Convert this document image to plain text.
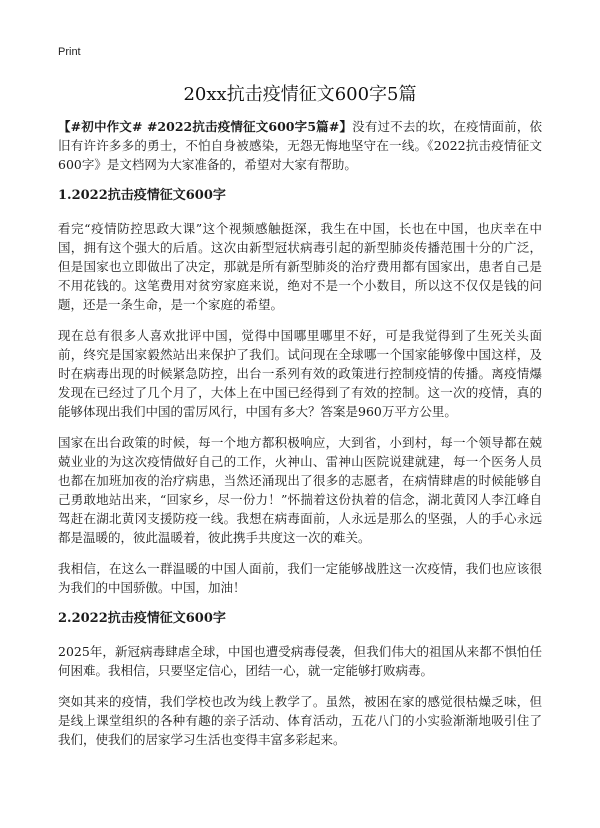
Print
20xx抗击疫情征文600字5篇

【#初中作文# #2022抗击疫情征文600字5篇#】没有过不去的坎，在疫情面前，依旧有许许多多的勇士，不怕自身被感染，无怨无悔地坚守在一线。《2022抗击疫情征文600字》是文档网为大家准备的，希望对大家有帮助。

1.2022抗击疫情征文600字

看完“疫情防控思政大课”这个视频感触挺深，我生在中国，长也在中国，也庆幸在中国，拥有这个强大的后盾。这次由新型冠状病毒引起的新型肺炎传播范围十分的广泛，但是国家也立即做出了决定，那就是所有新型肺炎的治疗费用都有国家出，患者自己是不用花钱的。这笔费用对贫穷家庭来说，绝对不是一个小数目，所以这不仅仅是钱的问题，还是一条生命，是一个家庭的希望。

现在总有很多人喜欢批评中国，觉得中国哪里哪里不好，可是我觉得到了生死关头面前，终究是国家毅然站出来保护了我们。试问现在全球哪一个国家能够像中国这样，及时在病毒出现的时候紧急防控，出台一系列有效的政策进行控制疫情的传播。离疫情爆发现在已经过了几个月了，大体上在中国已经得到了有效的控制。这一次的疫情，真的能够体现出我们中国的雷厉风行，中国有多大？答案是960万平方公里。

国家在出台政策的时候，每一个地方都积极响应，大到省，小到村，每一个领导都在兢兢业业的为这次疫情做好自己的工作，火神山、雷神山医院说建就建，每一个医务人员也都在加班加夜的治疗病患，当然还涌现出了很多的志愿者，在病情肆虐的时候能够自己勇敢地站出来，“回家乡，尽一份力！”怀揣着这份执着的信念，湖北黄冈人李江峰自驾赶在湖北黄冈支援防疫一线。我想在病毒面前，人永远是那么的坚强，人的手心永远都是温暖的，彼此温暖着，彼此携手共度这一次的难关。

我相信，在这么一群温暖的中国人面前，我们一定能够战胜这一次疫情，我们也应该很为我们的中国骄傲。中国，加油！

2.2022抗击疫情征文600字

2025年，新冠病毒肆虐全球，中国也遭受病毒侵袭，但我们伟大的祖国从来都不惧怕任何困难。我相信，只要坚定信心，团结一心，就一定能够打败病毒。

突如其来的疫情，我们学校也改为线上教学了。虽然，被困在家的感觉很枯燥乏味，但是线上课堂组织的各种有趣的亲子活动、体育活动，五花八门的小实验渐渐地吸引住了我们，使我们的居家学习生活也变得丰富多彩起来。
